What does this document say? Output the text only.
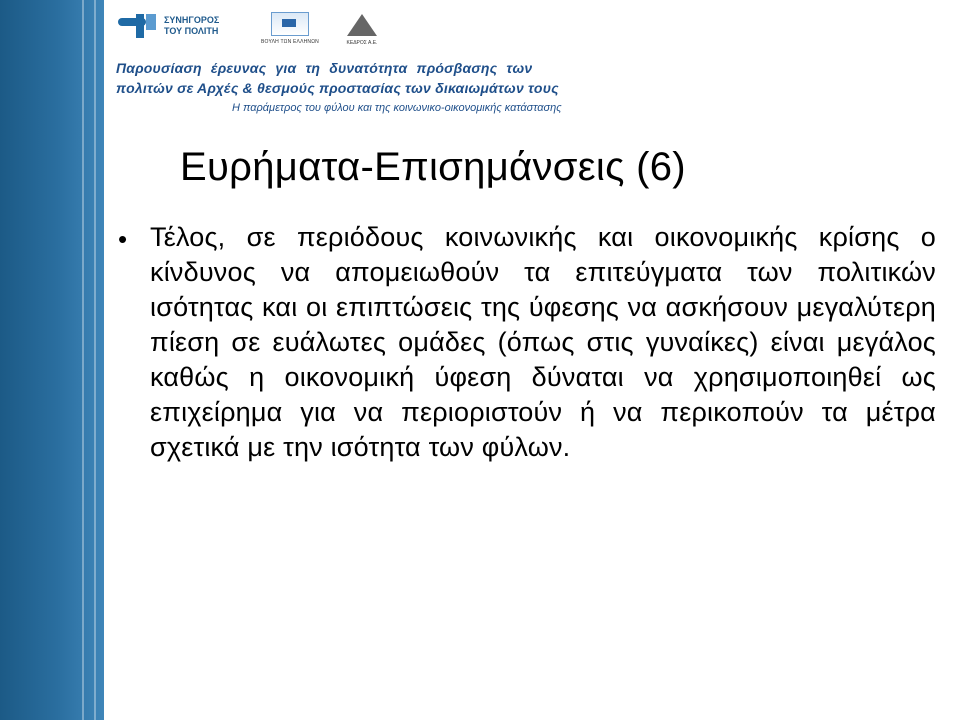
ΣΥΝΗΓΟΡΟΣ
ΤΟΥ ΠΟΛΙΤΗ
ΒΟΥΛΗ ΤΩΝ ΕΛΛΗΝΩΝ	ΚΕΔΡΟΣ Α.Ε.
Παρουσίαση έρευνας για τη δυνατότητα πρόσβασης των
πολιτών σε Αρχές & θεσμούς προστασίας των δικαιωμάτων τους
Η παράμετρος του φύλου και της κοινωνικο-οικονομικής κατάστασης
Ευρήματα-Επισημάνσεις (6)
• Τέλος, σε περιόδους κοινωνικής και οικονομικής κρίσης ο κίνδυνος να απομειωθούν τα επιτεύγματα των πολιτικών ισότητας και οι επιπτώσεις της ύφεσης να ασκήσουν μεγαλύτερη πίεση σε ευάλωτες ομάδες (όπως στις γυναίκες) είναι μεγάλος καθώς η οικονομική ύφεση δύναται να χρησιμοποιηθεί ως επιχείρημα για να περιοριστούν ή να περικοπούν τα μέτρα σχετικά με την ισότητα των φύλων.
